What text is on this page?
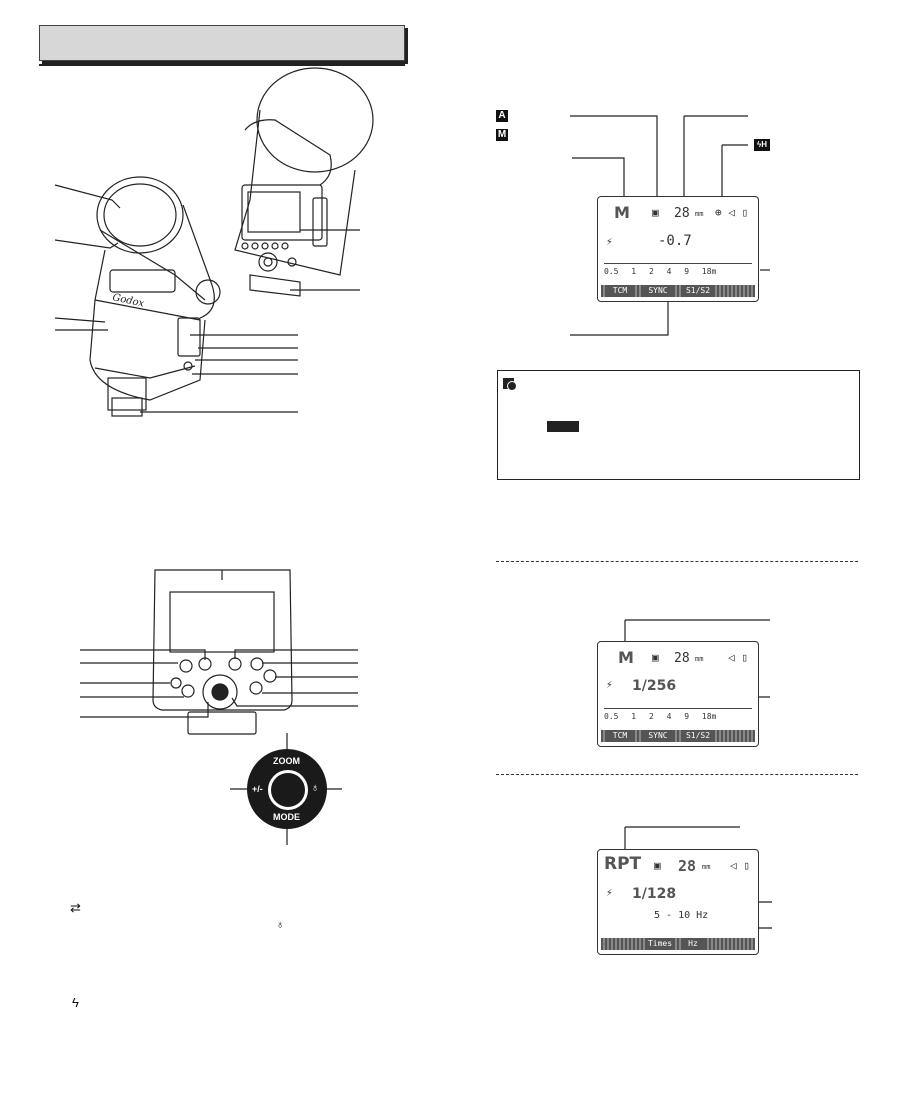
Godox
A
M
ϟH
M ▣ 28 mm ⊕ ◁ ▯
⚡	-0.7
0.5 1 2 4 9 18m
TCM	SYNC	S1/S2
M ▣ 28 mm ◁ ▯
⚡ 1/256
0.5 1 2 4 9 18m
TCM	SYNC	S1/S2
RPT ▣ 28 mm ◁ ▯
⚡ 1/128
5 - 10 Hz
Times	Hz
ZOOM
MODE
+/-	♁
⇄
♁
ϟ
